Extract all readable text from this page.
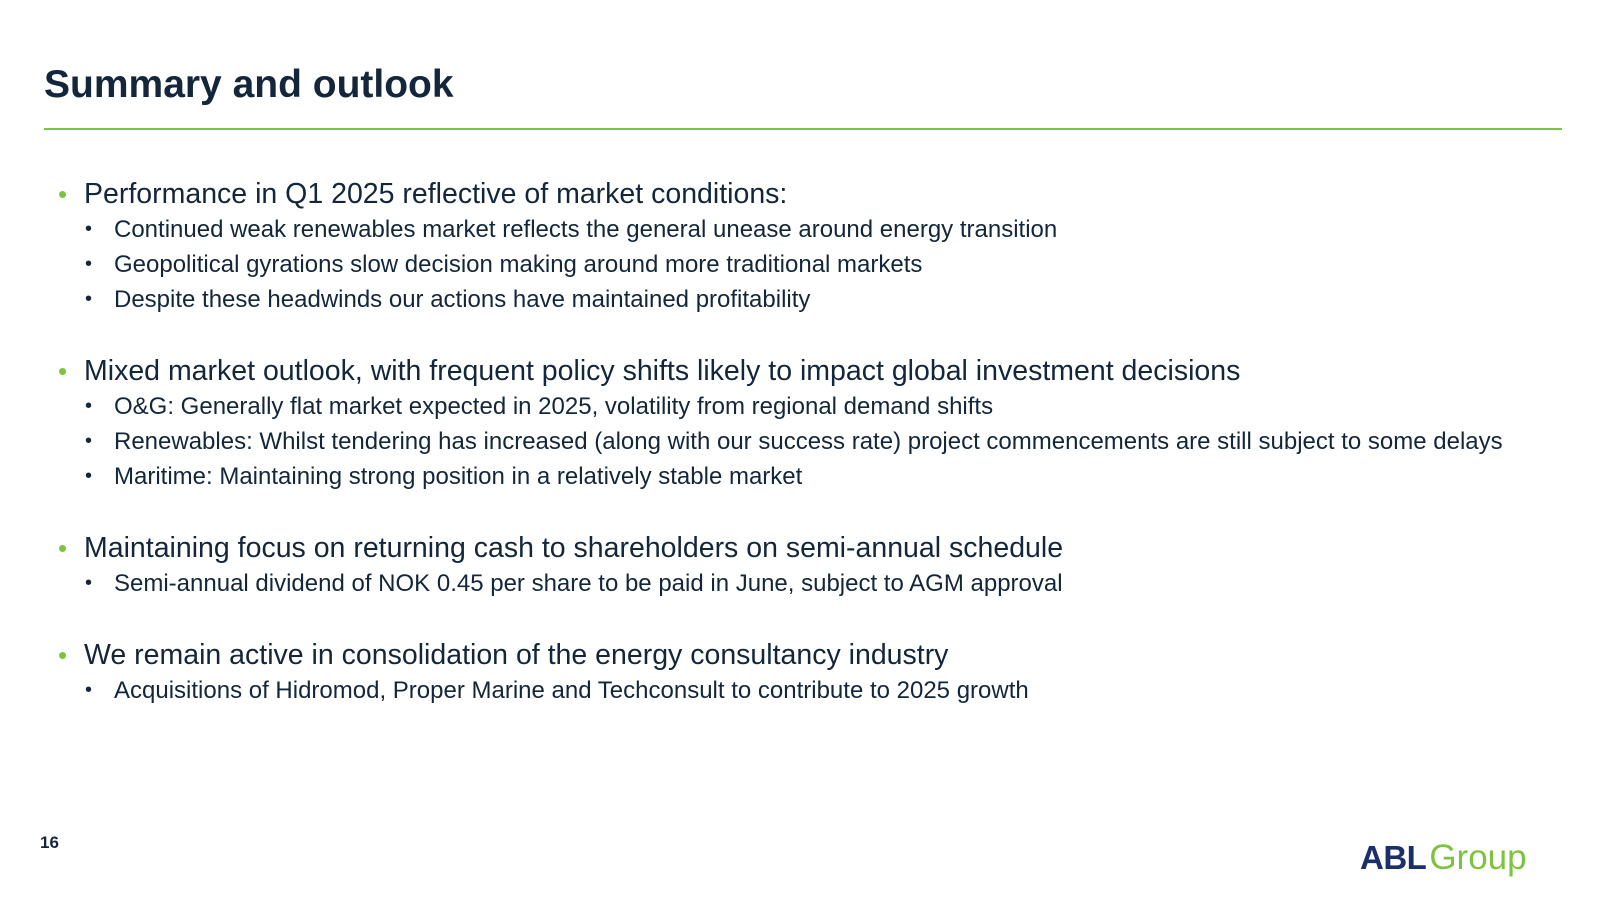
Summary and outlook
• Performance in Q1 2025 reflective of market conditions:
• Continued weak renewables market reflects the general unease around energy transition
• Geopolitical gyrations slow decision making around more traditional markets
• Despite these headwinds our actions have maintained profitability
• Mixed market outlook, with frequent policy shifts likely to impact global investment decisions
• O&G: Generally flat market expected in 2025, volatility from regional demand shifts
• Renewables: Whilst tendering has increased (along with our success rate) project commencements are still subject to some delays
• Maritime: Maintaining strong position in a relatively stable market
• Maintaining focus on returning cash to shareholders on semi-annual schedule
• Semi-annual dividend of NOK 0.45 per share to be paid in June, subject to AGM approval
• We remain active in consolidation of the energy consultancy industry
• Acquisitions of Hidromod, Proper Marine and Techconsult to contribute to 2025 growth
16	ABL Group
